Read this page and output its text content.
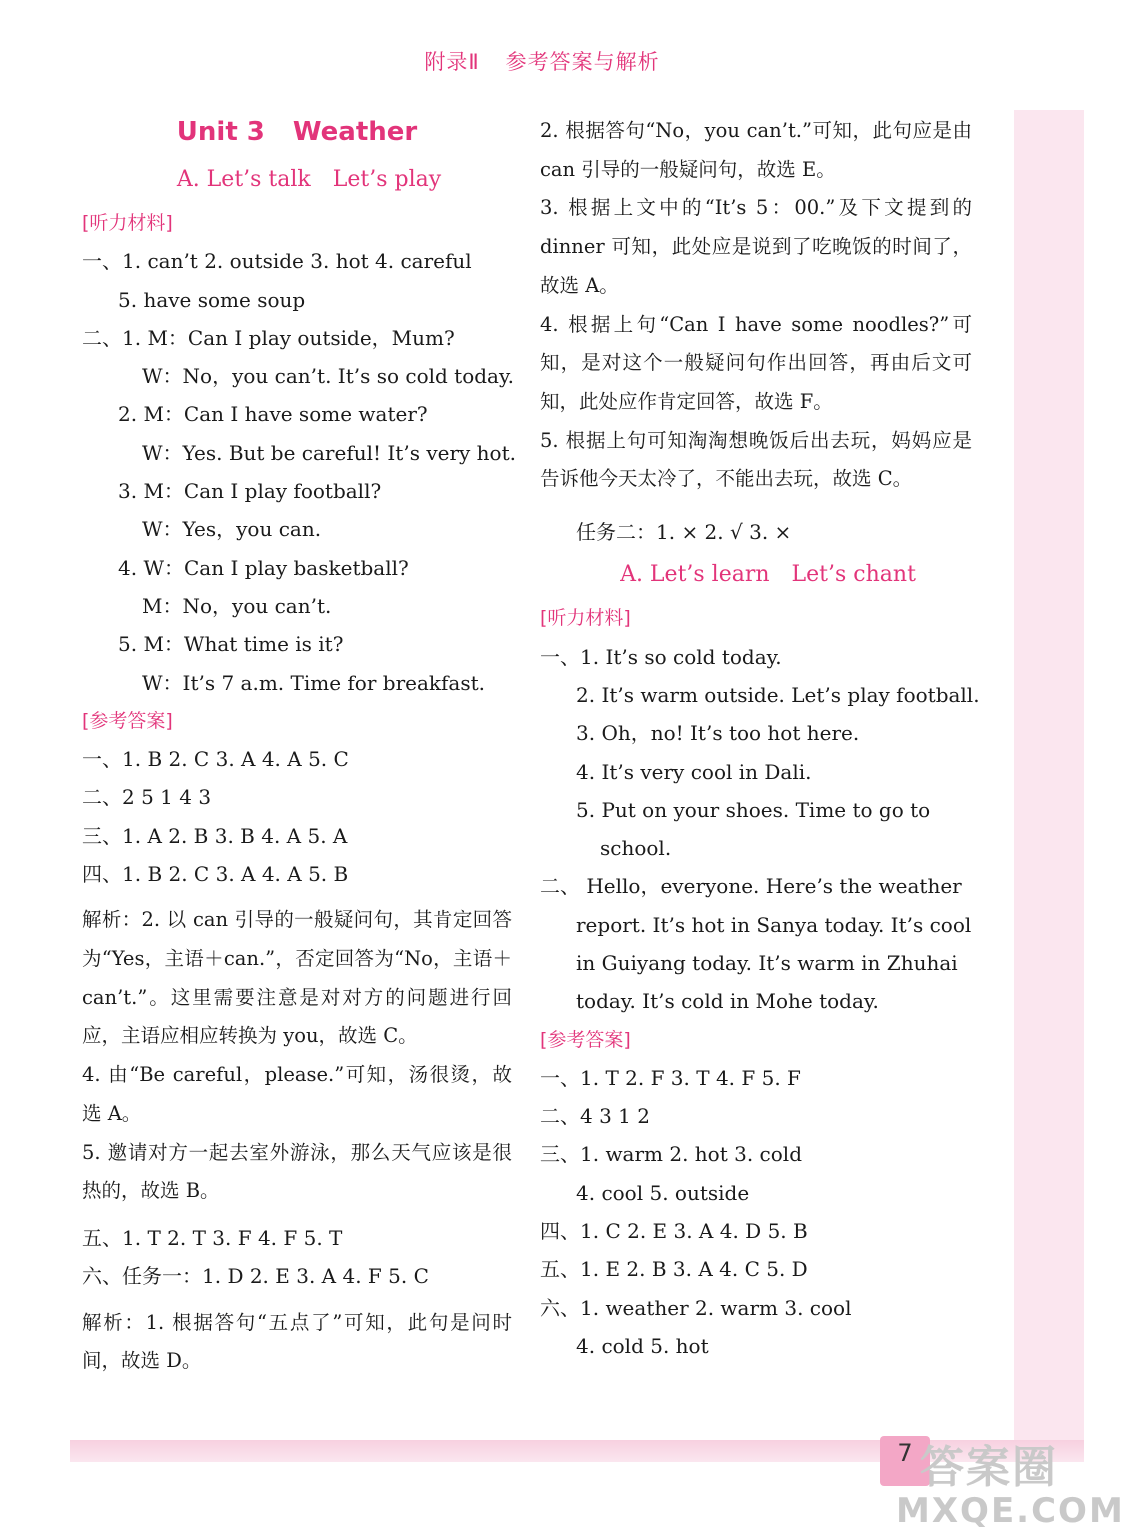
附录Ⅱ 参考答案与解析
Unit 3 Weather
A. Let’s talk Let’s play
[听力材料]
一、1. can’t 2. outside 3. hot 4. careful
5. have some soup
二、1. M：Can I play outside，Mum?
W：No，you can’t. It’s so cold today.
2. M：Can I have some water?
W：Yes. But be careful! It’s very hot.
3. M：Can I play football?
W：Yes，you can.
4. W：Can I play basketball?
M：No，you can’t.
5. M：What time is it?
W：It’s 7 a.m. Time for breakfast.
[参考答案]
一、1. B 2. C 3. A 4. A 5. C
二、2 5 1 4 3
三、1. A 2. B 3. B 4. A 5. A
四、1. B 2. C 3. A 4. A 5. B
解析：2. 以 can 引导的一般疑问句，其肯定回答为“Yes，主语＋can.”，否定回答为“No，主语＋can’t.”。这里需要注意是对对方的问题进行回应，主语应相应转换为 you，故选 C。
4. 由“Be careful，please.”可知，汤很烫，故选 A。
5. 邀请对方一起去室外游泳，那么天气应该是很热的，故选 B。
五、1. T 2. T 3. F 4. F 5. T
六、任务一：1. D 2. E 3. A 4. F 5. C
解析：1. 根据答句“五点了”可知，此句是问时间，故选 D。
2. 根据答句“No，you can’t.”可知，此句应是由 can 引导的一般疑问句，故选 E。
3. 根据上文中的“It’s 5：00.”及下文提到的 dinner 可知，此处应是说到了吃晚饭的时间了，故选 A。
4. 根据上句“Can I have some noodles?”可知，是对这个一般疑问句作出回答，再由后文可知，此处应作肯定回答，故选 F。
5. 根据上句可知淘淘想晚饭后出去玩，妈妈应是告诉他今天太冷了，不能出去玩，故选 C。
任务二：1. × 2. √ 3. ×
A. Let’s learn Let’s chant
[听力材料]
一、1. It’s so cold today.
2. It’s warm outside. Let’s play football.
3. Oh，no! It’s too hot here.
4. It’s very cool in Dali.
5. Put on your shoes. Time to go to
school.
二、 Hello，everyone. Here’s the weather
report. It’s hot in Sanya today. It’s cool
in Guiyang today. It’s warm in Zhuhai
today. It’s cold in Mohe today.
[参考答案]
一、1. T 2. F 3. T 4. F 5. F
二、4 3 1 2
三、1. warm 2. hot 3. cold
4. cool 5. outside
四、1. C 2. E 3. A 4. D 5. B
五、1. E 2. B 3. A 4. C 5. D
六、1. weather 2. warm 3. cool
4. cold 5. hot
7 答案圈
MXQE.COM
